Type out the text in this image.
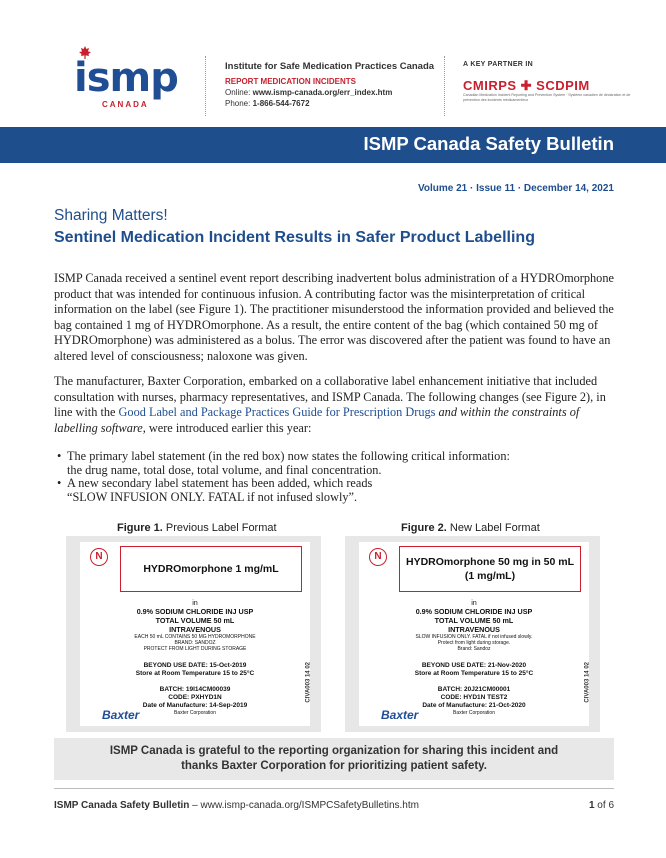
ismp
CANADA
Institute for Safe Medication Practices Canada
REPORT MEDICATION INCIDENTS
Online: www.ismp-canada.org/err_index.htm
Phone: 1-866-544-7672
A KEY PARTNER IN
CMIRPS ✚ SCDPIM
Canadian Medication Incident Reporting and Prevention System · Système canadien de déclaration et de prévention des incidents médicamenteux
ISMP Canada Safety Bulletin
Volume 21 · Issue 11 · December 14, 2021
Sharing Matters!
Sentinel Medication Incident Results in Safer Product Labelling
ISMP Canada received a sentinel event report describing inadvertent bolus administration of a HYDROmorphone product that was intended for continuous infusion. A contributing factor was the misinterpretation of critical information on the label (see Figure 1). The practitioner misunderstood the information provided and believed the bag contained 1 mg of HYDROmorphone. As a result, the entire content of the bag (which contained 50 mg of HYDROmorphone) was administered as a bolus. The error was discovered after the patient was found to have an altered level of consciousness; naloxone was given.
The manufacturer, Baxter Corporation, embarked on a collaborative label enhancement initiative that included consultation with nurses, pharmacy representatives, and ISMP Canada. The following changes (see Figure 2), in line with the Good Label and Package Practices Guide for Prescription Drugs and within the constraints of labelling software, were introduced earlier this year:
• The primary label statement (in the red box) now states the following critical information:
the drug name, total dose, total volume, and final concentration.
• A new secondary label statement has been added, which reads
“SLOW INFUSION ONLY. FATAL if not infused slowly”.
Figure 1. Previous Label Format	Figure 2. New Label Format
N
HYDROmorphone 1 mg/mL
in
0.9% SODIUM CHLORIDE INJ USP
TOTAL VOLUME 50 mL
INTRAVENOUS
EACH 50 mL CONTAINS 50 MG HYDROMORPHONE
BRAND: SANDOZ
PROTECT FROM LIGHT DURING STORAGE
BEYOND USE DATE: 15-Oct-2019
Store at Room Temperature 15 to 25°C
BATCH: 19I14CM00039
CODE: PXHYD1N
Date of Manufacture: 14-Sep-2019
Baxter Corporation
CIVA003 14 02
Baxter
N	HYDROmorphone 50 mg in 50 mL
(1 mg/mL)
in
0.9% SODIUM CHLORIDE INJ USP
TOTAL VOLUME 50 mL
INTRAVENOUS
SLOW INFUSION ONLY. FATAL if not infused slowly.
Protect from light during storage.
Brand: Sandoz
BEYOND USE DATE: 21-Nov-2020
Store at Room Temperature 15 to 25°C
BATCH: 20J21CM00001
CODE: HYD1N TEST2
Date of Manufacture: 21-Oct-2020
Baxter Corporation
CIVA003 14 02
Baxter
ISMP Canada is grateful to the reporting organization for sharing this incident and
thanks Baxter Corporation for prioritizing patient safety.
ISMP Canada Safety Bulletin – www.ismp-canada.org/ISMPCSafetyBulletins.htm	1 of 6
